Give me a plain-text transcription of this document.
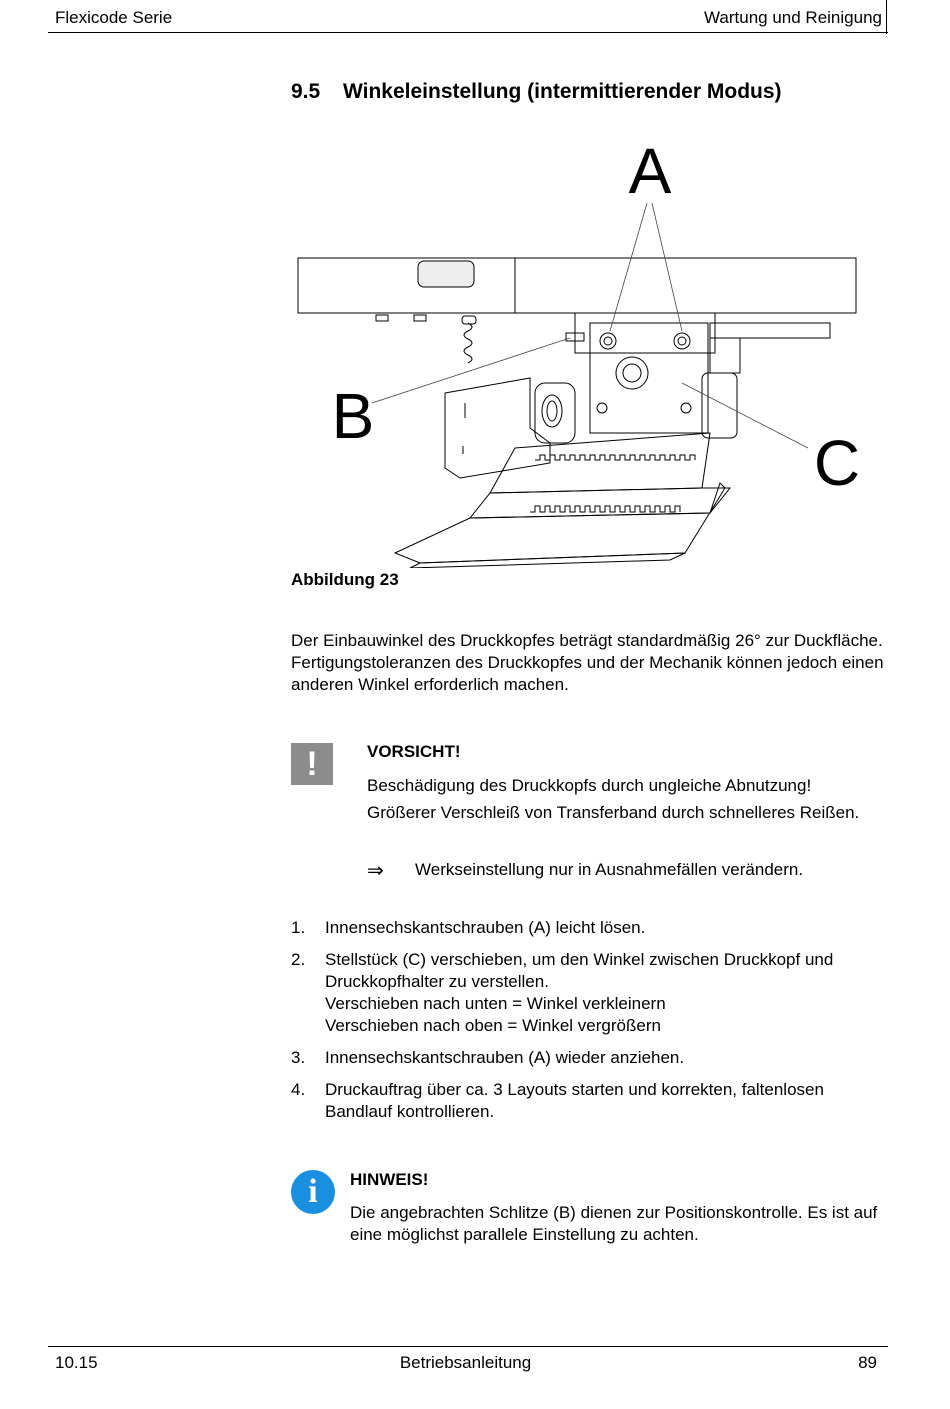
Flexicode Serie	Wartung und Reinigung
9.5 Winkeleinstellung (intermittierender Modus)
A
B
C
Abbildung 23
Der Einbauwinkel des Druckkopfes beträgt standardmäßig 26° zur Duckfläche. Fertigungstoleranzen des Druckkopfes und der Mechanik können jedoch einen anderen Winkel erforderlich machen.
!	VORSICHT!
Beschädigung des Druckkopfs durch ungleiche Abnutzung!
Größerer Verschleiß von Transferband durch schnelleres Reißen.
⇒ Werkseinstellung nur in Ausnahmefällen verändern.
1. Innensechskantschrauben (A) leicht lösen.
2. Stellstück (C) verschieben, um den Winkel zwischen Druckkopf und Druckkopfhalter zu verstellen.
Verschieben nach unten = Winkel verkleinern
Verschieben nach oben = Winkel vergrößern
3. Innensechskantschrauben (A) wieder anziehen.
4. Druckauftrag über ca. 3 Layouts starten und korrekten, faltenlosen Bandlauf kontrollieren.
i	HINWEIS!
Die angebrachten Schlitze (B) dienen zur Positionskontrolle. Es ist auf eine möglichst parallele Einstellung zu achten.
10.15	Betriebsanleitung	89
